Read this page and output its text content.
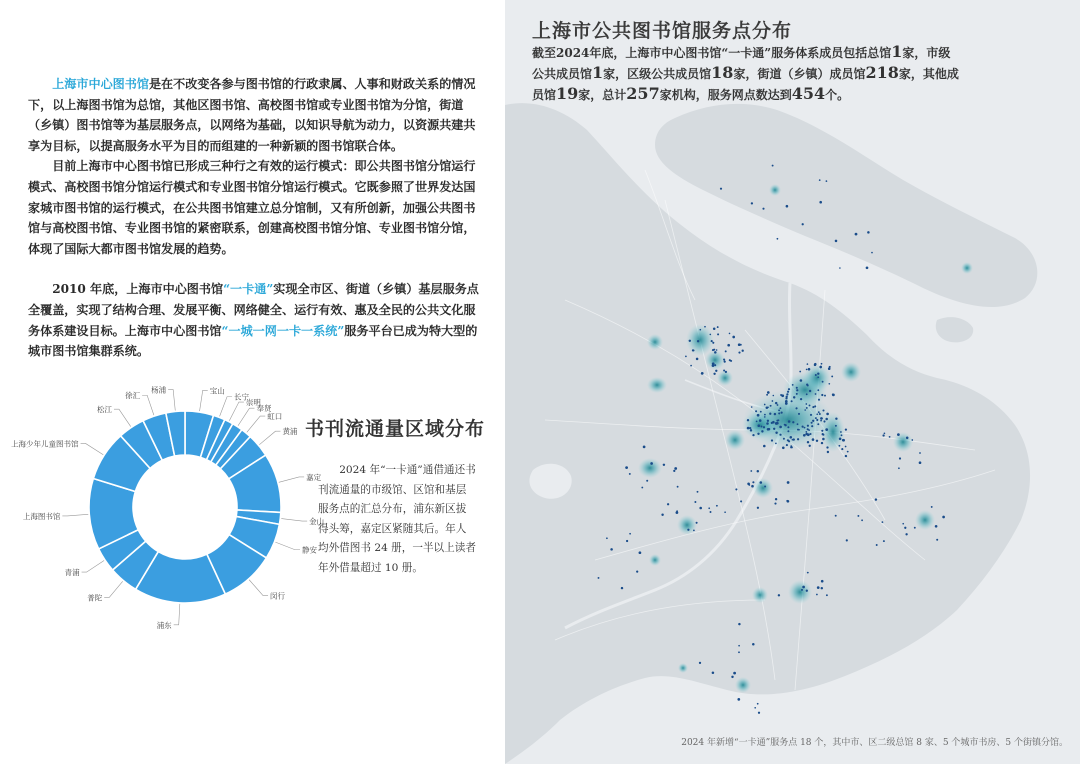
上海市中心图书馆是在不改变各参与图书馆的行政隶属、人事和财政关系的情况下，以上海图书馆为总馆，其他区图书馆、高校图书馆或专业图书馆为分馆，街道（乡镇）图书馆等为基层服务点，以网络为基础，以知识导航为动力，以资源共建共享为目标，以提高服务水平为目的而组建的一种新颖的图书馆联合体。

目前上海市中心图书馆已形成三种行之有效的运行模式：即公共图书馆分馆运行模式、高校图书馆分馆运行模式和专业图书馆分馆运行模式。它既参照了世界发达国家城市图书馆的运行模式，在公共图书馆建立总分馆制，又有所创新，加强公共图书馆与高校图书馆、专业图书馆的紧密联系，创建高校图书馆分馆、专业图书馆分馆，体现了国际大都市图书馆发展的趋势。

2010 年底，上海市中心图书馆“一卡通”实现全市区、街道（乡镇）基层服务点全覆盖，实现了结构合理、发展平衡、网络健全、运行有效、惠及全民的公共文化服务体系建设目标。上海市中心图书馆“一城一网一卡一系统”服务平台已成为特大型的城市图书馆集群系统。

宝山
长宁
崇明
奉贤
虹口
黄浦
嘉定
金山
静安
闵行
浦东
普陀
青浦
上海图书馆
上海少年儿童图书馆
松江
徐汇
杨浦
书刊流通量区域分布

2024 年“一卡通”通借通还书刊流通量的市级馆、区馆和基层服务点的汇总分布，浦东新区拔得头筹，嘉定区紧随其后。年人均外借图书 24 册，一半以上读者年外借量超过 10 册。

上海市公共图书馆服务点分布
截至2024年底，上海市中心图书馆“一卡通”服务体系成员包括总馆1家，市级公共成员馆1家，区级公共成员馆18家，街道（乡镇）成员馆218家，其他成员馆19家，总计257家机构，服务网点数达到454个。
2024 年新增“一卡通”服务点 18 个，其中市、区二级总馆 8 家、5 个城市书房、5 个街镇分馆。
